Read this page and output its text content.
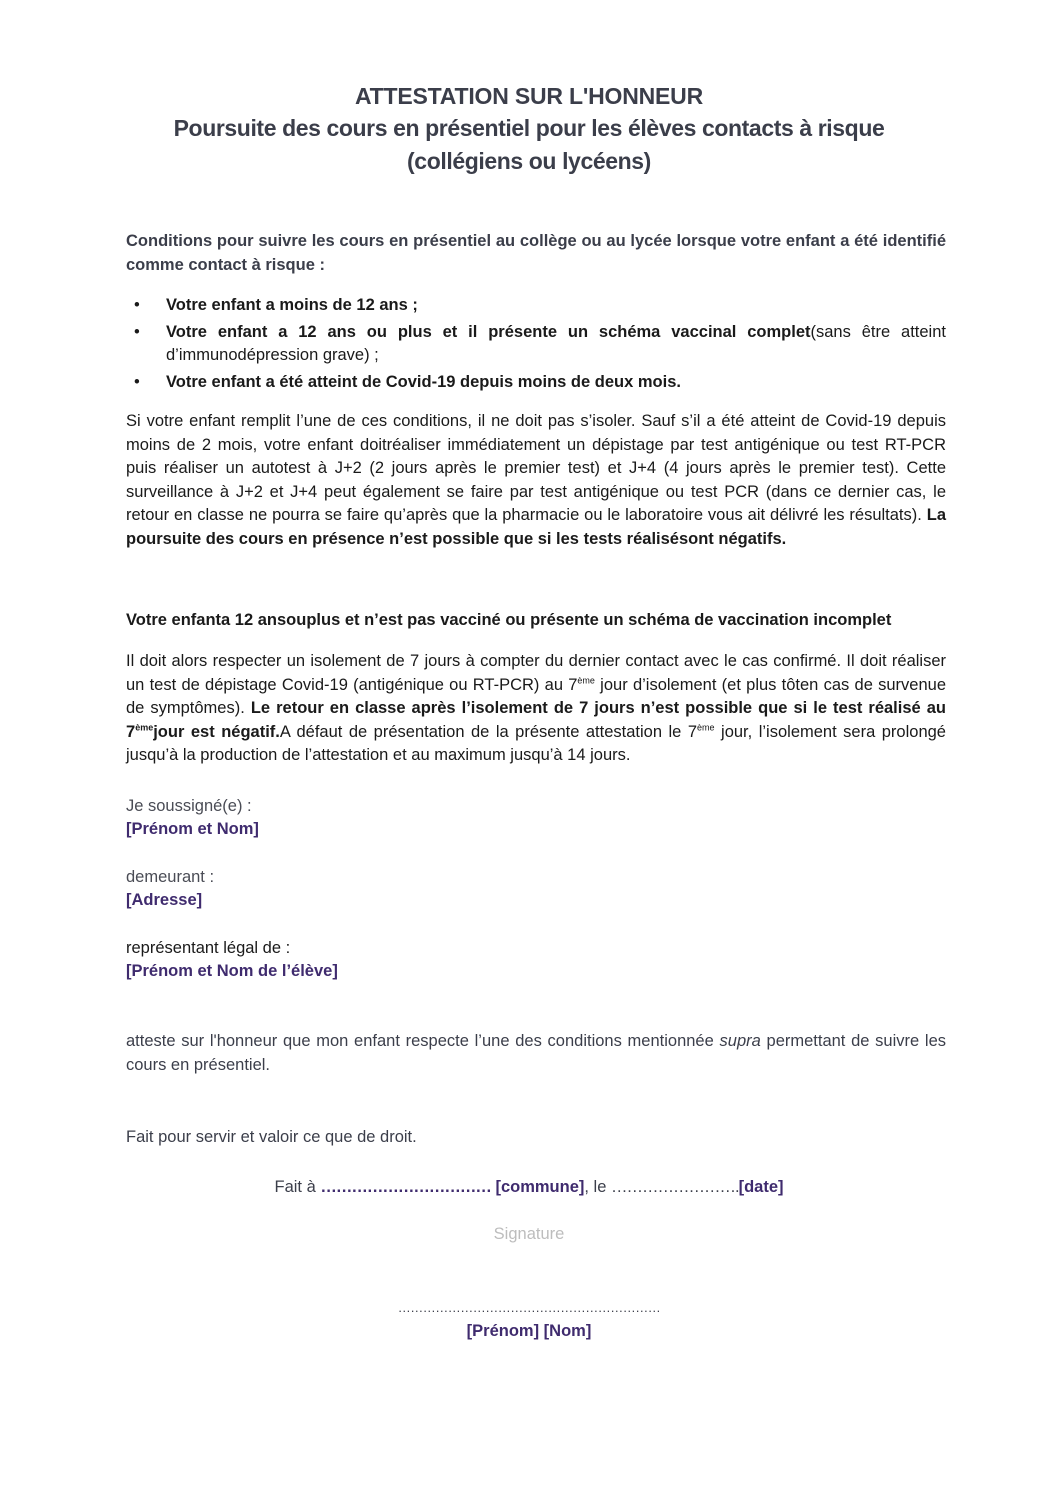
ATTESTATION SUR L'HONNEUR
Poursuite des cours en présentiel pour les élèves contacts à risque
(collégiens ou lycéens)
Conditions pour suivre les cours en présentiel au collège ou au lycée lorsque votre enfant a été identifié comme contact à risque :
• Votre enfant a moins de 12 ans ;
• Votre enfant a 12 ans ou plus et il présente un schéma vaccinal complet(sans être atteint d’immunodépression grave) ;
• Votre enfant a été atteint de Covid-19 depuis moins de deux mois.
Si votre enfant remplit l’une de ces conditions, il ne doit pas s’isoler. Sauf s’il a été atteint de Covid-19 depuis moins de 2 mois, votre enfant doitréaliser immédiatement un dépistage par test antigénique ou test RT-PCR puis réaliser un autotest à J+2 (2 jours après le premier test) et J+4 (4 jours après le premier test). Cette surveillance à J+2 et J+4 peut également se faire par test antigénique ou test PCR (dans ce dernier cas, le retour en classe ne pourra se faire qu’après que la pharmacie ou le laboratoire vous ait délivré les résultats). La poursuite des cours en présence n’est possible que si les tests réalisésont négatifs.
Votre enfanta 12 ansouplus et n’est pas vacciné ou présente un schéma de vaccination incomplet
Il doit alors respecter un isolement de 7 jours à compter du dernier contact avec le cas confirmé. Il doit réaliser un test de dépistage Covid-19 (antigénique ou RT-PCR) au 7ème jour d’isolement (et plus tôten cas de survenue de symptômes). Le retour en classe après l’isolement de 7 jours n’est possible que si le test réalisé au 7èmejour est négatif.A défaut de présentation de la présente attestation le 7ème jour, l’isolement sera prolongé jusqu’à la production de l’attestation et au maximum jusqu’à 14 jours.
Je soussigné(e) :
[Prénom et Nom]
demeurant :
[Adresse]
représentant légal de :
[Prénom et Nom de l’élève]
atteste sur l'honneur que mon enfant respecte l’une des conditions mentionnée supra permettant de suivre les cours en présentiel.
Fait pour servir et valoir ce que de droit.
Fait à …………………………… [commune], le …………………….[date]
Signature
………………………………………………………
[Prénom] [Nom]
